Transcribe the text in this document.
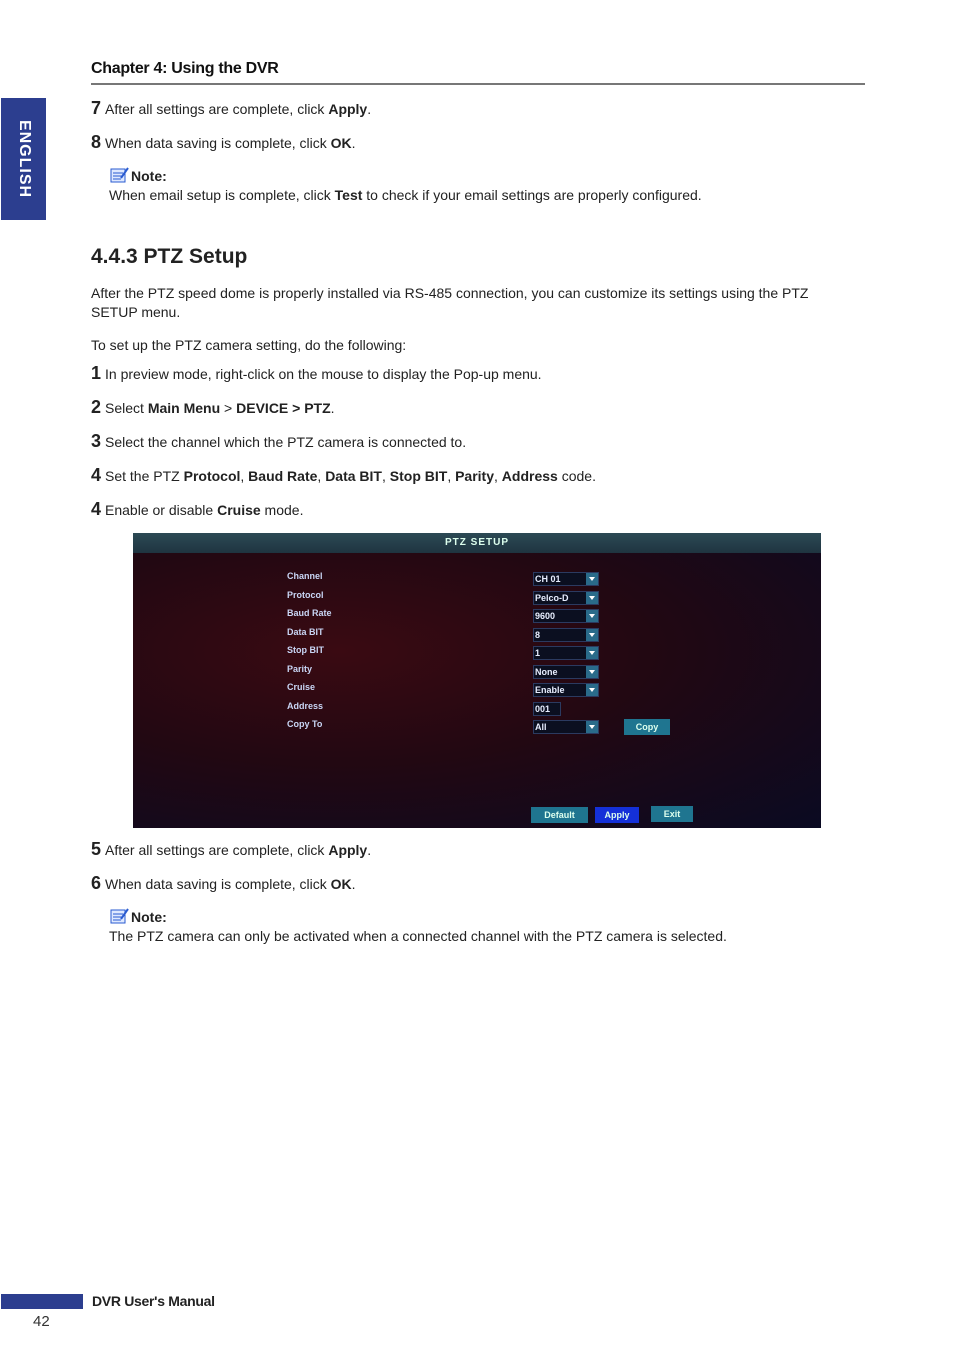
Chapter 4: Using the DVR
ENGLISH
7 After all settings are complete, click Apply.
8 When data saving is complete, click OK.
Note:
When email setup is complete, click Test to check if your email settings are properly configured.
4.4.3 PTZ Setup
After the PTZ speed dome is properly installed via RS-485 connection, you can customize its settings using the PTZ SETUP menu.
To set up the PTZ camera setting, do the following:
1 In preview mode, right-click on the mouse to display the Pop-up menu.
2 Select Main Menu > DEVICE > PTZ.
3 Select the channel which the PTZ camera is connected to.
4 Set the PTZ Protocol, Baud Rate, Data BIT, Stop BIT, Parity, Address code.
4 Enable or disable Cruise mode.
PTZ SETUP
Channel	CH 01
Protocol	Pelco-D
Baud Rate	9600
Data BIT	8
Stop BIT	1
Parity	None
Cruise	Enable
Address	001
Copy To	All	Copy
Default	Apply	Exit
5 After all settings are complete, click Apply.
6 When data saving is complete, click OK.
Note:
The PTZ camera can only be activated when a connected channel with the PTZ camera is selected.
DVR User's Manual
42
